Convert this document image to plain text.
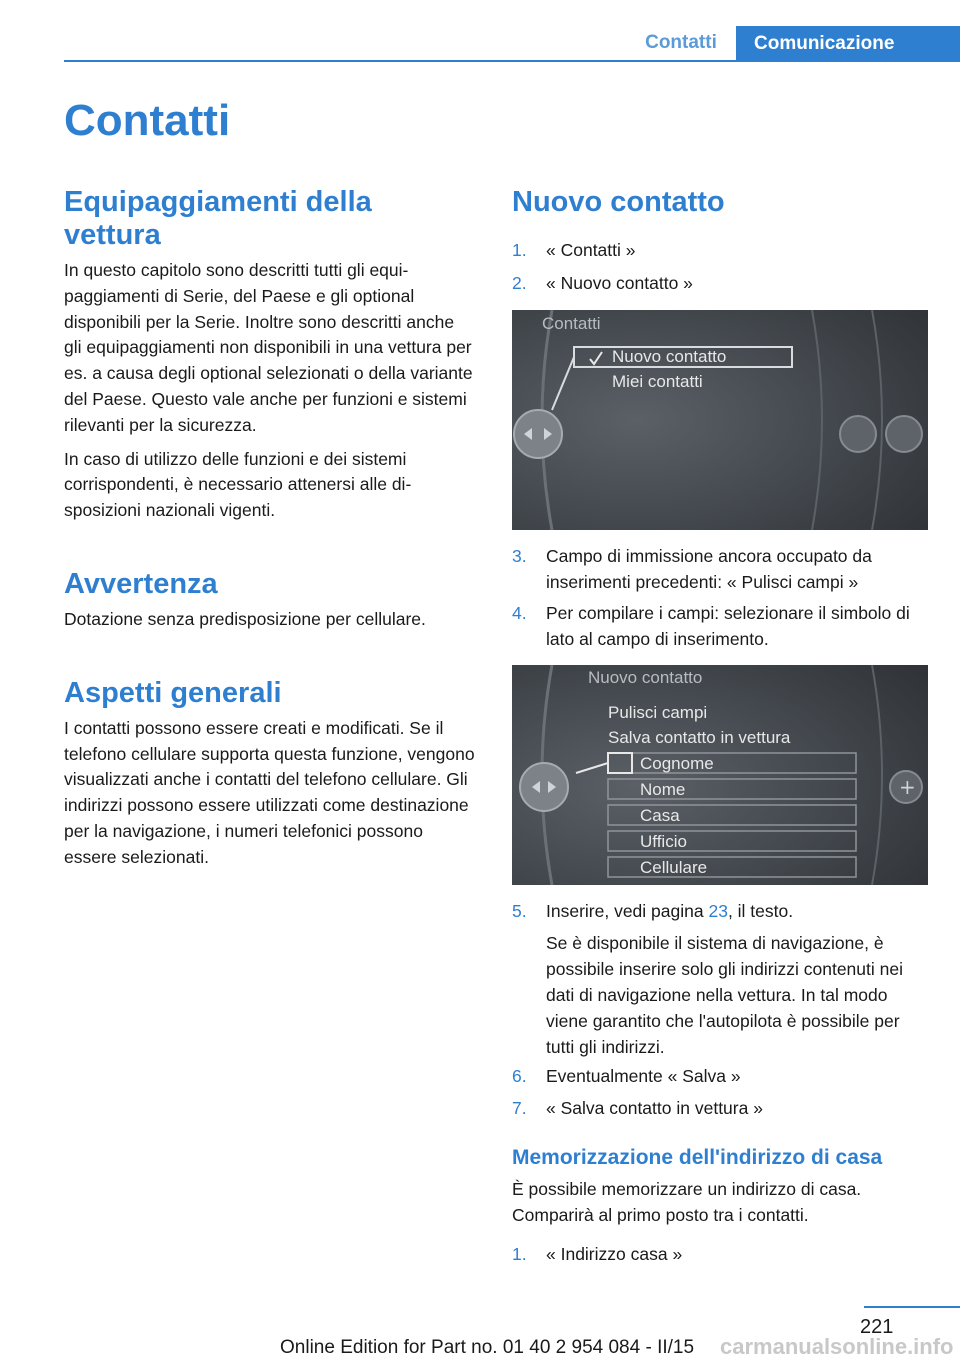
Contatti	Comunicazione
Contatti
Equipaggiamenti della vettura

In questo capitolo sono descritti tutti gli equipaggiamenti di Serie, del Paese e gli optional disponibili per la Serie. Inoltre sono descritti anche gli equipaggiamenti non disponibili in una vettura per es. a causa degli optional selezionati o della variante del Paese. Questo vale anche per funzioni e sistemi rilevanti per la sicurezza.

In caso di utilizzo delle funzioni e dei sistemi corrispondenti, è necessario attenersi alle disposizioni nazionali vigenti.

Avvertenza

Dotazione senza predisposizione per cellulare.

Aspetti generali

I contatti possono essere creati e modificati. Se il telefono cellulare supporta questa funzione, vengono visualizzati anche i contatti del telefono cellulare. Gli indirizzi possono essere utilizzati come destinazione per la navigazione, i numeri telefonici possono essere selezionati.

Nuovo contatto
1. « Contatti »
2. « Nuovo contatto »
Contatti
Nuovo contatto
Miei contatti
3. Campo di immissione ancora occupato da inserimenti precedenti: « Pulisci campi »
4. Per compilare i campi: selezionare il simbolo di lato al campo di inserimento.
+
Nuovo contatto
Pulisci campi
Salva contatto in vettura
Cognome
Nome
Casa
Ufficio
Cellulare
5. Inserire, vedi pagina 23, il testo.
Se è disponibile il sistema di navigazione, è possibile inserire solo gli indirizzi contenuti nei dati di navigazione nella vettura. In tal modo viene garantito che l'autopilota è possibile per tutti gli indirizzi.
6. Eventualmente « Salva »
7. « Salva contatto in vettura »
Memorizzazione dell'indirizzo di casa

È possibile memorizzare un indirizzo di casa. Comparirà al primo posto tra i contatti.

1. « Indirizzo casa »
221
carmanualsonline.info
Online Edition for Part no. 01 40 2 954 084 - II/15
